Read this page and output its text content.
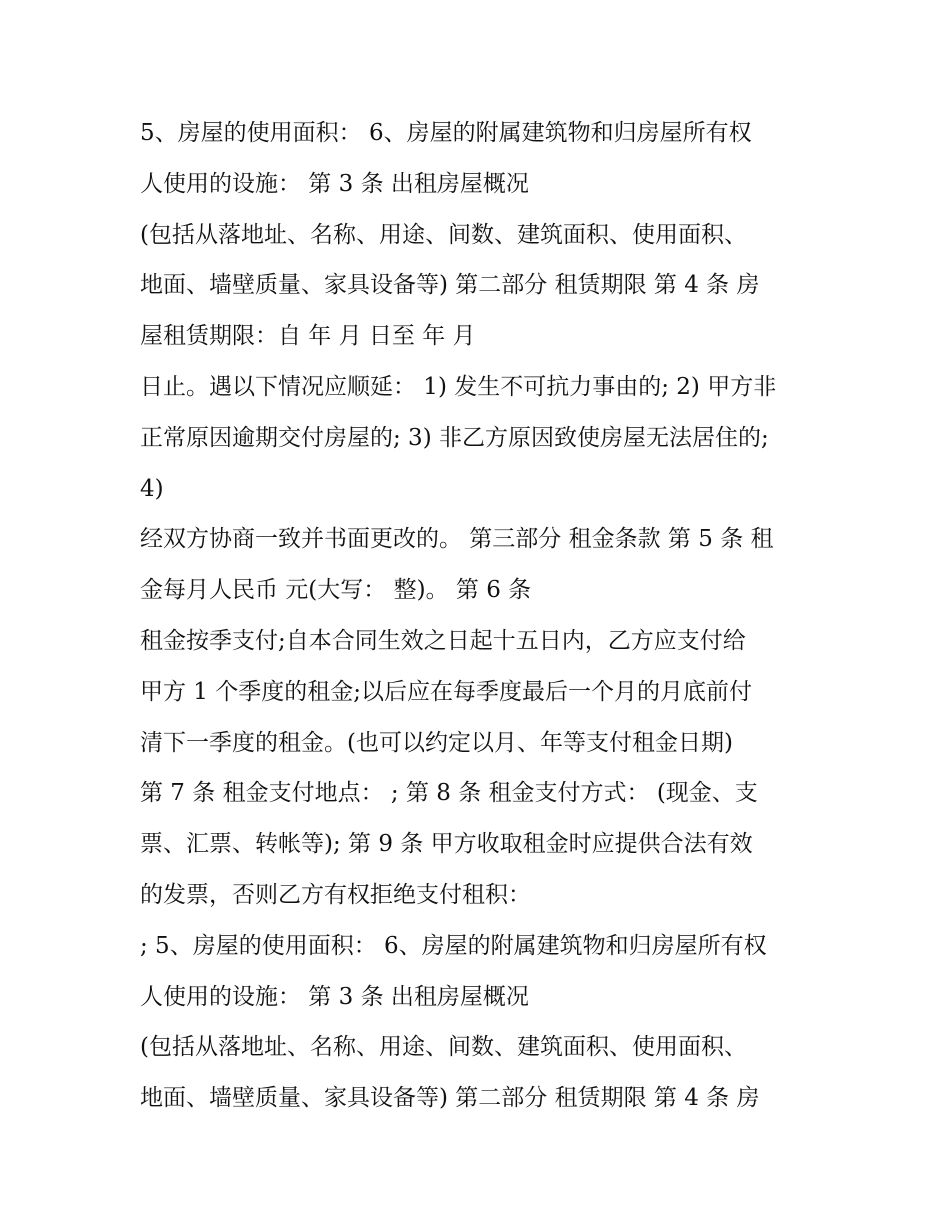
5、房屋的使用面积： 6、房屋的附属建筑物和归房屋所有权
人使用的设施： 第 3 条 出租房屋概况
(包括从落地址、名称、用途、间数、建筑面积、使用面积、
地面、墙壁质量、家具设备等) 第二部分 租赁期限 第 4 条 房
屋租赁期限：自 年 月 日至 年 月
日止。遇以下情况应顺延： 1) 发生不可抗力事由的; 2) 甲方非
正常原因逾期交付房屋的; 3) 非乙方原因致使房屋无法居住的;
4)
经双方协商一致并书面更改的。 第三部分 租金条款 第 5 条 租
金每月人民币 元(大写： 整)。 第 6 条
租金按季支付;自本合同生效之日起十五日内，乙方应支付给
甲方 1 个季度的租金;以后应在每季度最后一个月的月底前付
清下一季度的租金。(也可以约定以月、年等支付租金日期)
第 7 条 租金支付地点： ; 第 8 条 租金支付方式： (现金、支
票、汇票、转帐等); 第 9 条 甲方收取租金时应提供合法有效
的发票，否则乙方有权拒绝支付租积：
; 5、房屋的使用面积： 6、房屋的附属建筑物和归房屋所有权
人使用的设施： 第 3 条 出租房屋概况
(包括从落地址、名称、用途、间数、建筑面积、使用面积、
地面、墙壁质量、家具设备等) 第二部分 租赁期限 第 4 条 房
